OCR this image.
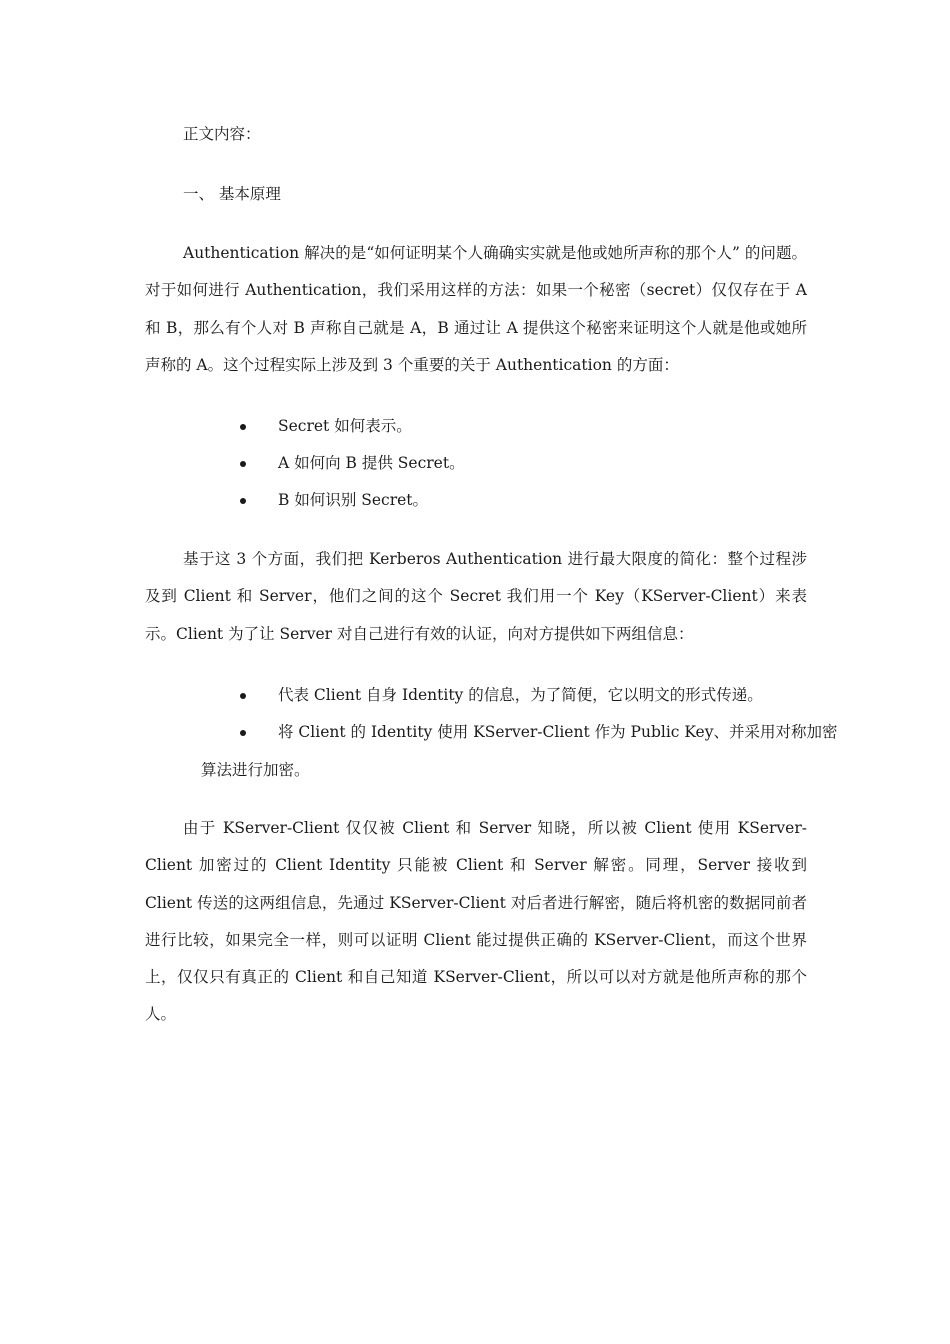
正文内容：
一、 基本原理
Authentication 解决的是“如何证明某个人确确实实就是他或她所声称的那个人” 的问题。对于如何进行 Authentication，我们采用这样的方法：如果一个秘密（secret）仅仅存在于 A 和 B，那么有个人对 B 声称自己就是 A，B 通过让 A 提供这个秘密来证明这个人就是他或她所声称的 A。这个过程实际上涉及到 3 个重要的关于 Authentication 的方面：
Secret 如何表示。
A 如何向 B 提供 Secret。
B 如何识别 Secret。
基于这 3 个方面，我们把 Kerberos Authentication 进行最大限度的简化：整个过程涉及到 Client 和 Server，他们之间的这个 Secret 我们用一个 Key（KServer-Client）来表示。Client 为了让 Server 对自己进行有效的认证，向对方提供如下两组信息：
代表 Client 自身 Identity 的信息，为了简便，它以明文的形式传递。
将 Client 的 Identity 使用 KServer-Client 作为 Public Key、并采用对称加密
算法进行加密。
由于 KServer-Client 仅仅被 Client 和 Server 知晓，所以被 Client 使用 KServer-Client 加密过的 Client Identity 只能被 Client 和 Server 解密。同理，Server 接收到 Client 传送的这两组信息，先通过 KServer-Client 对后者进行解密，随后将机密的数据同前者进行比较，如果完全一样，则可以证明 Client 能过提供正确的 KServer-Client，而这个世界上，仅仅只有真正的 Client 和自己知道 KServer-Client，所以可以对方就是他所声称的那个人。
